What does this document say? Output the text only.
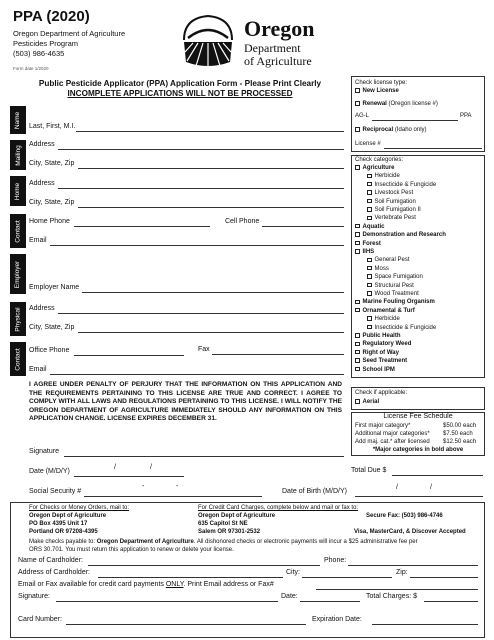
PPA (2020)
Oregon Department of Agriculture
Pesticides Program
(503) 986-4635
Form date 1/2020
Oregon
Department
of Agriculture
Public Pesticide Applicator (PPA) Application Form - Please Print Clearly
INCOMPLETE APPLICATIONS WILL NOT BE PROCESSED
Name
Mailing
Home
Contact
Employer
Physical
Contact
Last, First, M.I.
Address
City, State, Zip
Address
City, State, Zip
Home Phone	Cell Phone
Email
Employer Name
Address
City, State, Zip
Office Phone	Fax
Email
I AGREE UNDER PENALTY OF PERJURY THAT THE INFORMATION ON THIS APPLICATION AND THE REQUIREMENTS PERTAINING TO THIS LICENSE ARE TRUE AND CORRECT. I AGREE TO COMPLY WITH ALL LAWS AND REGULATIONS PERTAINING TO THIS LICENSE. I WILL NOTIFY THE OREGON DEPARTMENT OF AGRICULTURE IMMEDIATELY SHOULD ANY INFORMATION ON THIS APPLICATION CHANGE. LICENSE EXPIRES DECEMBER 31.
Signature
Date (M/D/Y)
/	/
Social Security #
-	-
Date of Birth (M/D/Y)
/	/
Total Due $
Check license type:
New License
Renewal (Oregon license #)
AG-L	PPA
Reciprocal (Idaho only)
License #
Check categories:
Agriculture
Herbicide
Insecticide & Fungicide
Livestock Pest
Soil Fumigation
Soil Fumigation II
Vertebrate Pest
Aquatic
Demonstration and Research
Forest
IIHS
General Pest
Moss
Space Fumigation
Structural Pest
Wood Treatment
Marine Fouling Organism
Ornamental & Turf
Herbicide
Insecticide & Fungicide
Public Health
Regulatory Weed
Right of Way
Seed Treatment
School IPM
Check if applicable:
Aerial
License Fee Schedule
First major category*	$50.00 each
Additional major categories* $7.50 each
Add maj. cat.* after licensed $12.50 each
*Major categories in bold above
For Checks or Money Orders, mail to:
Oregon Dept of Agriculture
PO Box 4395 Unit 17
Portland OR 97208-4395
For Credit Card Charges, complete below and mail or fax to:
Oregon Dept of Agriculture
635 Capitol St NE
Salem OR 97301-2532
Secure Fax: (503) 986-4746
Visa, MasterCard, & Discover Accepted
Make checks payable to: Oregon Department of Agriculture. All dishonored checks or electronic payments will incur a $25 administrative fee per
ORS 30.701. You must return this application to renew or delete your license.
Name of Cardholder:	Phone:
Address of Cardholder:	City:	Zip:
Email or Fax available for credit card payments ONLY. Print Email address or Fax#
Signature:	Date:	Total Charges: $
Card Number:	Expiration Date:
